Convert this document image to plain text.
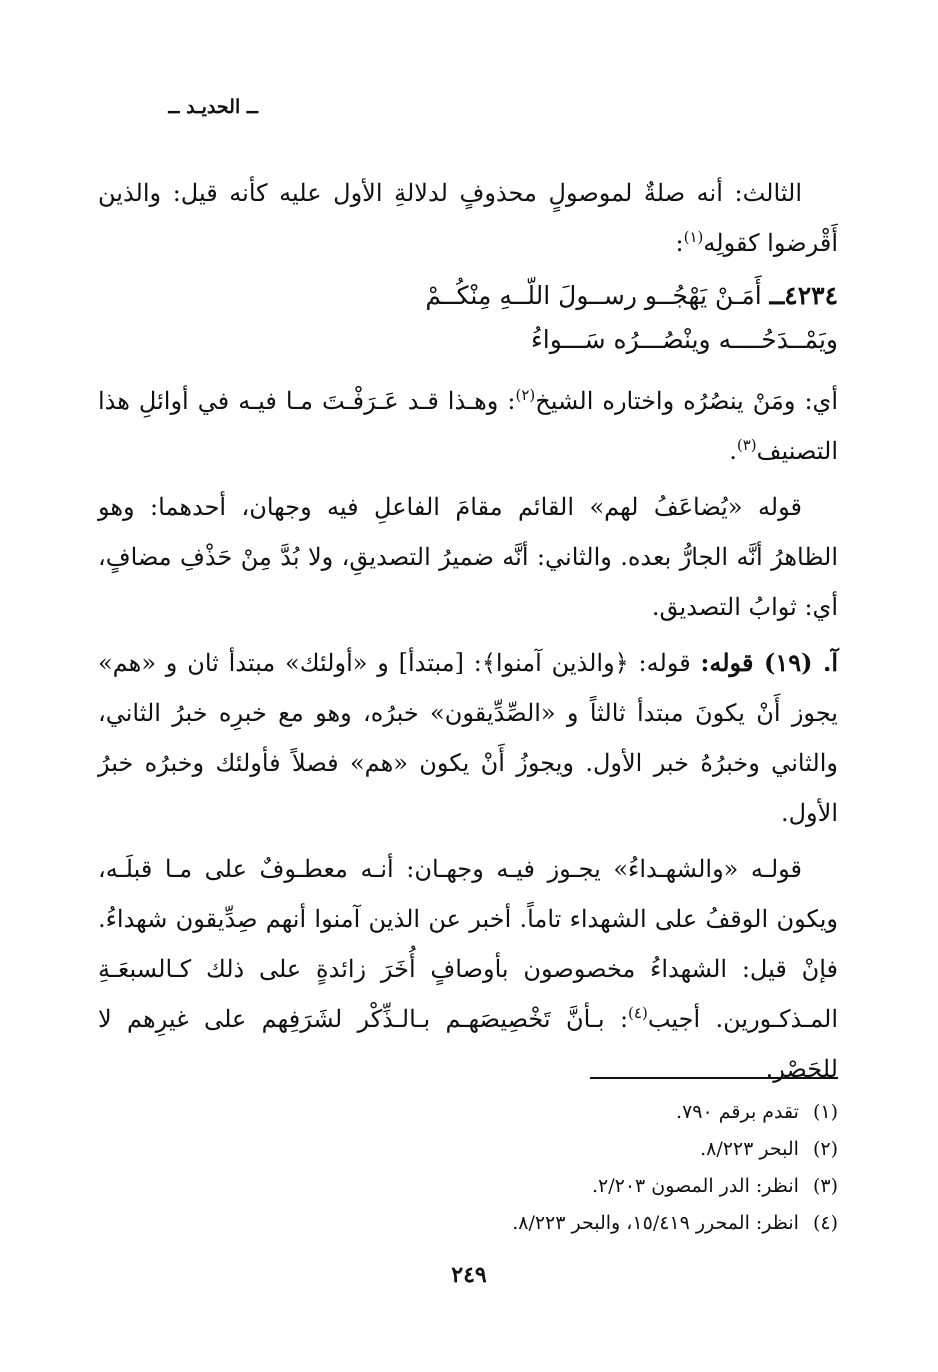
ــ الحديـد ــ

الثالث: أنه صلةٌ لموصولٍ محذوفٍ لدلالةِ الأول عليه كأنه قيل: والذين أَقْرضوا كقولِه$^{(١)}$:

٤٢٣٤ــ أَمَـنْ يَهْجُــو رســولَ اللّــهِ مِنْكُــمْ
ويَمْــدَحُــــه وينْصُـــرُه سَـــواءُ

أي: ومَنْ ينصُرُه واختاره الشيخ$^{(٢)}$: وهـذا قـد عَـرَفْـتَ مـا فيـه في أوائلِ هذا التصنيف$^{(٣)}$.

قوله «يُضاعَفُ لهم» القائم مقامَ الفاعلِ فيه وجهان، أحدهما: وهو الظاهرُ أنَّه الجارُّ بعده. والثاني: أنَّه ضميرُ التصديقِ، ولا بُدَّ مِنْ حَذْفِ مضافٍ، أي: ثوابُ التصديق.

آ. (١٩) قوله: قوله: ﴿والذين آمنوا﴾: [مبتدأ] و «أولئك» مبتدأ ثان و «هم» يجوز أَنْ يكونَ مبتدأ ثالثاً و «الصِّدِّيقون» خبرُه، وهو مع خبرِه خبرُ الثاني، والثاني وخبرُهُ خبر الأول. ويجوزُ أَنْ يكون «هم» فصلاً فأولئك وخبرُه خبرُ الأول.

قولـه «والشهـداءُ» يجـوز فيـه وجهـان: أنـه معطـوفٌ على مـا قبلَـه، ويكون الوقفُ على الشهداء تاماً. أخبر عن الذين آمنوا أنهم صِدِّيقون شهداءُ. فإنْ قيل: الشهداءُ مخصوصون بأوصافٍ أُخَرَ زائدةٍ على ذلك كـالسبعَـةِ المـذكـورين. أجيب$^{(٤)}$: بـأنَّ تَخْصِيصَهـم بـالـذِّكْر لشَرَفِهم على غيرِهم لا للحَصْر.

(١)تقدم برقم ٧٩٠.
(٢)البحر ٨/٢٢٣.
(٣)انظر: الدر المصون ٢/٢٠٣.
(٤)انظر: المحرر ١٥/٤١٩، والبحر ٨/٢٢٣.
٢٤٩
